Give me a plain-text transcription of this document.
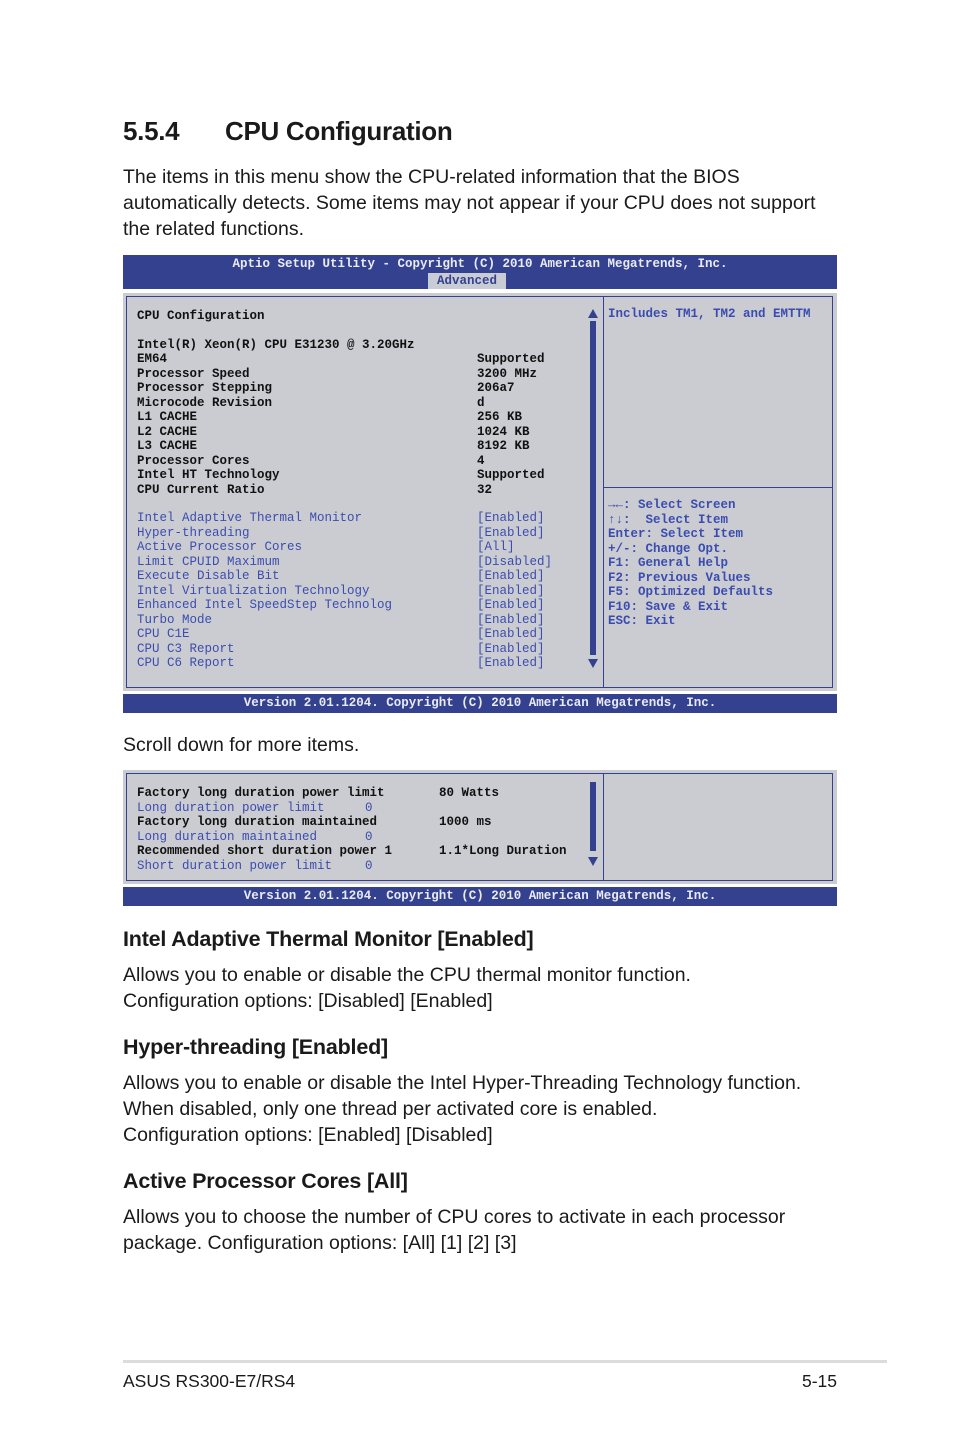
5.5.4 CPU Configuration
The items in this menu show the CPU-related information that the BIOS automatically detects. Some items may not appear if your CPU does not support the related functions.
Aptio Setup Utility - Copyright (C) 2010 American Megatrends, Inc.
Advanced
CPU Configuration
Intel(R) Xeon(R) CPU E31230 @ 3.20GHz
EM64	Supported
Processor Speed	3200 MHz
Processor Stepping	206a7
Microcode Revision	d
L1 CACHE	256 KB
L2 CACHE	1024 KB
L3 CACHE	8192 KB
Processor Cores	4
Intel HT Technology	Supported
CPU Current Ratio	32
Intel Adaptive Thermal Monitor	[Enabled]
Hyper-threading	[Enabled]
Active Processor Cores	[All]
Limit CPUID Maximum	[Disabled]
Execute Disable Bit	[Enabled]
Intel Virtualization Technology	[Enabled]
Enhanced Intel SpeedStep Technolog	[Enabled]
Turbo Mode	[Enabled]
CPU C1E	[Enabled]
CPU C3 Report	[Enabled]
CPU C6 Report	[Enabled]
Includes TM1, TM2 and EMTTM
→←: Select Screen
↑↓:  Select Item
Enter: Select Item
+/-: Change Opt.
F1: General Help
F2: Previous Values
F5: Optimized Defaults
F10: Save & Exit
ESC: Exit
Version 2.01.1204. Copyright (C) 2010 American Megatrends, Inc.
Scroll down for more items.
Factory long duration power limit	80 Watts
Long duration power limit	0
Factory long duration maintained	1000 ms
Long duration maintained	0
Recommended short duration power 1	1.1*Long Duration
Short duration power limit	0
Version 2.01.1204. Copyright (C) 2010 American Megatrends, Inc.
Intel Adaptive Thermal Monitor [Enabled]
Allows you to enable or disable the CPU thermal monitor function.
Configuration options: [Disabled] [Enabled]
Hyper-threading [Enabled]
Allows you to enable or disable the Intel Hyper-Threading Technology function.
When disabled, only one thread per activated core is enabled.
Configuration options: [Enabled] [Disabled]
Active Processor Cores [All]
Allows you to choose the number of CPU cores to activate in each processor
package. Configuration options: [All] [1] [2] [3]
ASUS RS300-E7/RS4	5-15
